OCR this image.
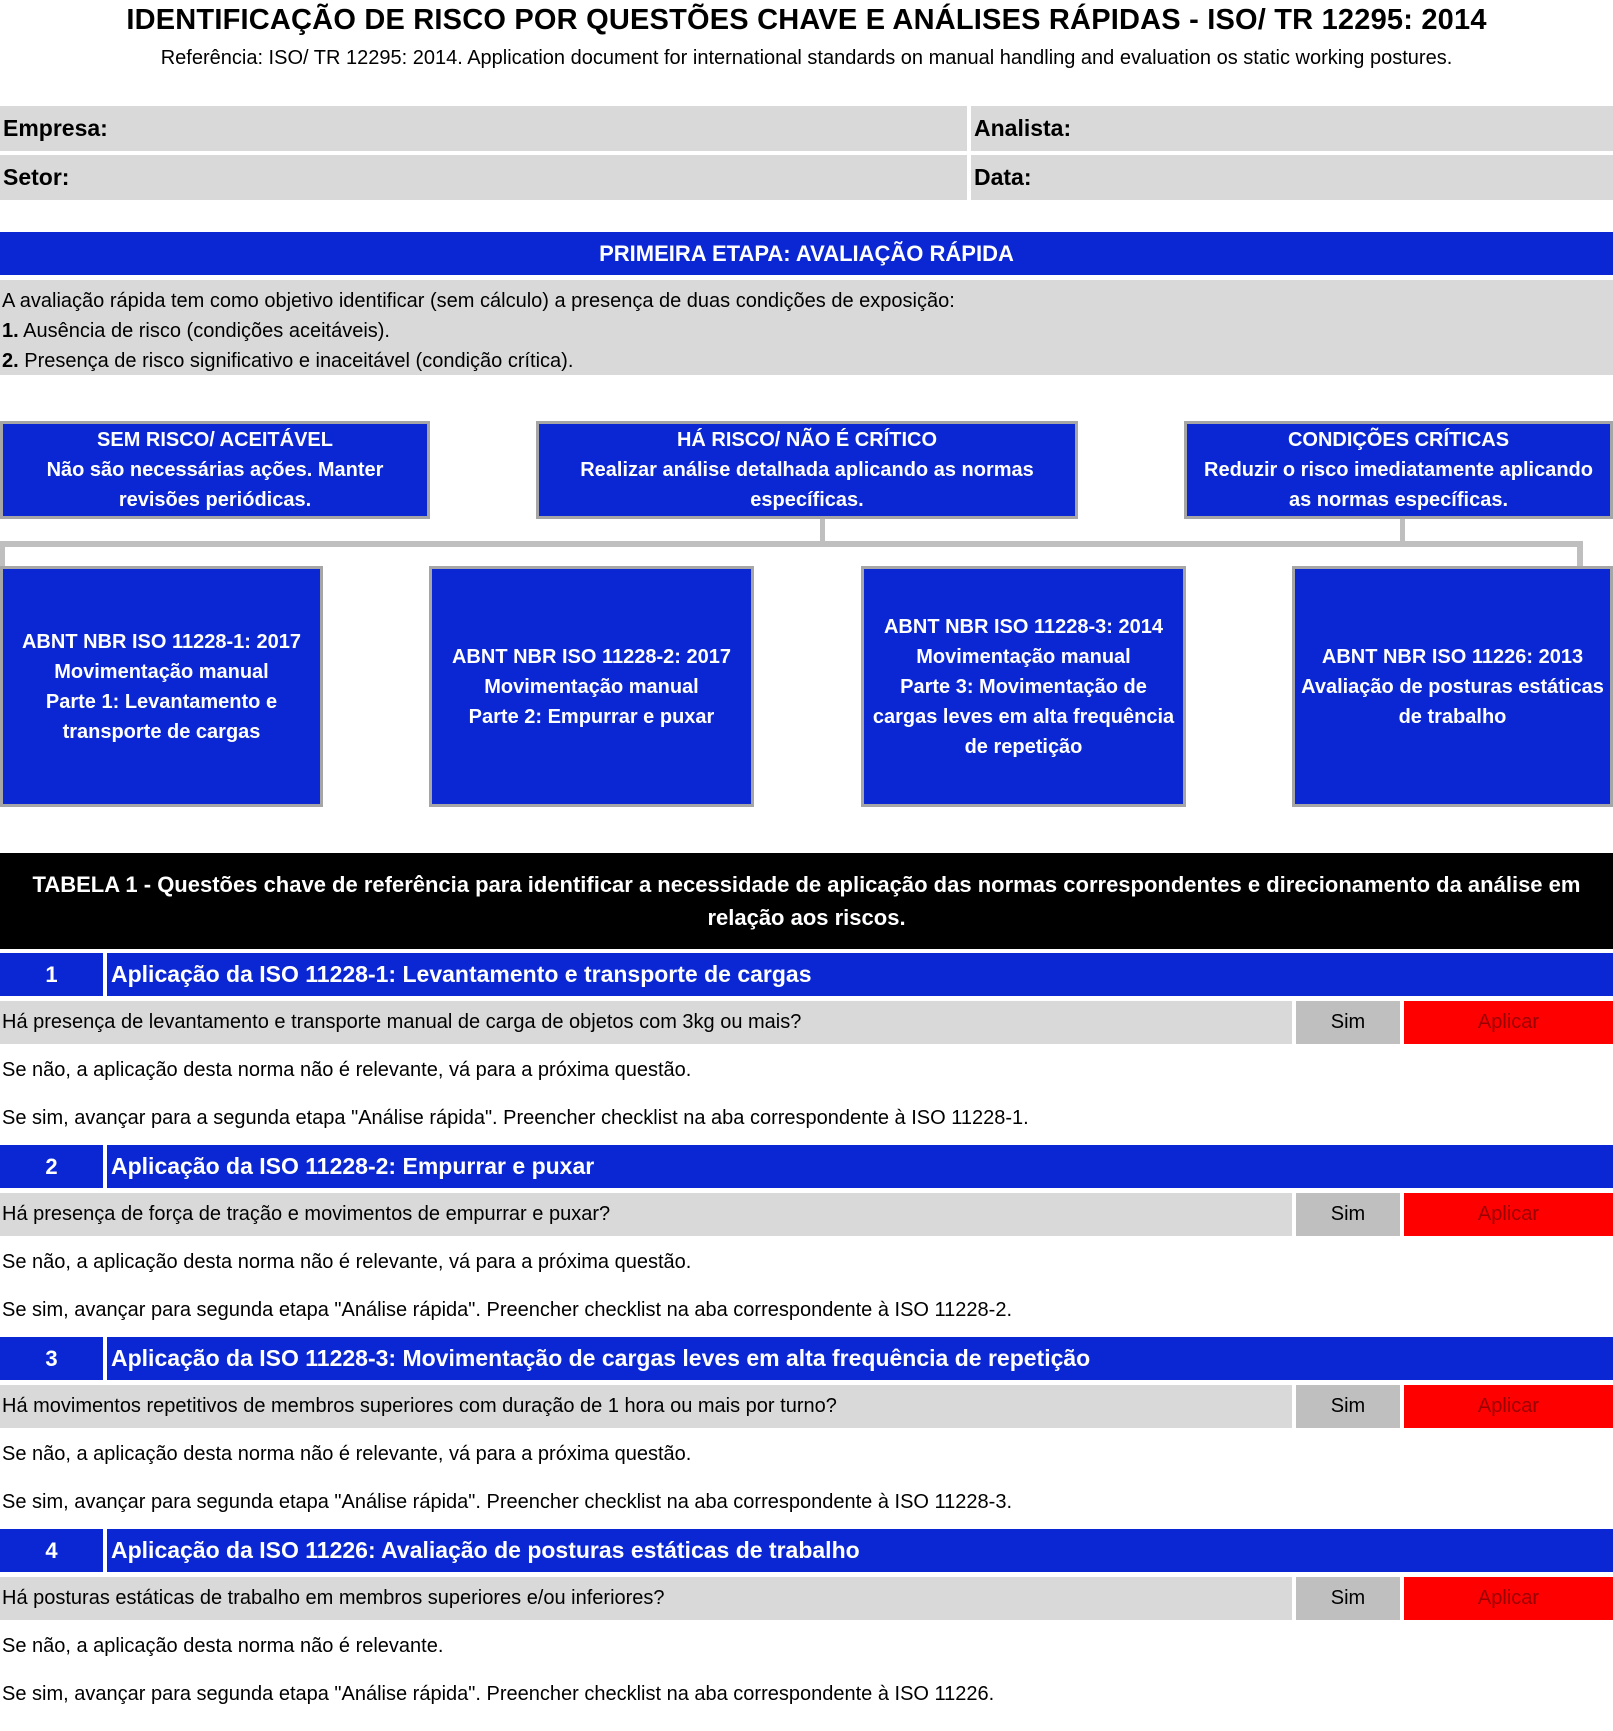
IDENTIFICAÇÃO DE RISCO POR QUESTÕES CHAVE E ANÁLISES RÁPIDAS - ISO/ TR 12295: 2014
Referência: ISO/ TR 12295: 2014. Application document for international standards on manual handling and evaluation os static working postures.
Empresa:	Analista:
Setor:	Data:
PRIMEIRA ETAPA: AVALIAÇÃO RÁPIDA
A avaliação rápida tem como objetivo identificar (sem cálculo) a presença de duas condições de exposição:
1. Ausência de risco (condições aceitáveis).
2. Presença de risco significativo e inaceitável (condição crítica).
SEM RISCO/ ACEITÁVEL
Não são necessárias ações. Manter revisões periódicas.
HÁ RISCO/ NÃO É CRÍTICO
Realizar análise detalhada aplicando as normas específicas.
CONDIÇÕES CRÍTICAS
Reduzir o risco imediatamente aplicando as normas específicas.
ABNT NBR ISO 11228-1: 2017
Movimentação manual
Parte 1: Levantamento e transporte de cargas
ABNT NBR ISO 11228-2: 2017
Movimentação manual
Parte 2: Empurrar e puxar
ABNT NBR ISO 11228-3: 2014
Movimentação manual
Parte 3: Movimentação de cargas leves em alta frequência de repetição
ABNT NBR ISO 11226: 2013
Avaliação de posturas estáticas de trabalho
TABELA 1 - Questões chave de referência para identificar a necessidade de aplicação das normas correspondentes e direcionamento da análise em relação aos riscos.
1	Aplicação da ISO 11228-1: Levantamento e transporte de cargas
Há presença de levantamento e transporte manual de carga de objetos com 3kg ou mais?	Sim	Aplicar
Se não, a aplicação desta norma não é relevante, vá para a próxima questão.
Se sim, avançar para a segunda etapa "Análise rápida". Preencher checklist na aba correspondente à ISO 11228-1.
2	Aplicação da ISO 11228-2: Empurrar e puxar
Há presença de força de tração e movimentos de empurrar e puxar?	Sim	Aplicar
Se não, a aplicação desta norma não é relevante, vá para a próxima questão.
Se sim, avançar para segunda etapa "Análise rápida". Preencher checklist na aba correspondente à ISO 11228-2.
3	Aplicação da ISO 11228-3: Movimentação de cargas leves em alta frequência de repetição
Há movimentos repetitivos de membros superiores com duração de 1 hora ou mais por turno?	Sim	Aplicar
Se não, a aplicação desta norma não é relevante, vá para a próxima questão.
Se sim, avançar para segunda etapa "Análise rápida". Preencher checklist na aba correspondente à ISO 11228-3.
4	Aplicação da ISO 11226: Avaliação de posturas estáticas de trabalho
Há posturas estáticas de trabalho em membros superiores e/ou inferiores?	Sim	Aplicar
Se não, a aplicação desta norma não é relevante.
Se sim, avançar para segunda etapa "Análise rápida". Preencher checklist na aba correspondente à ISO 11226.
